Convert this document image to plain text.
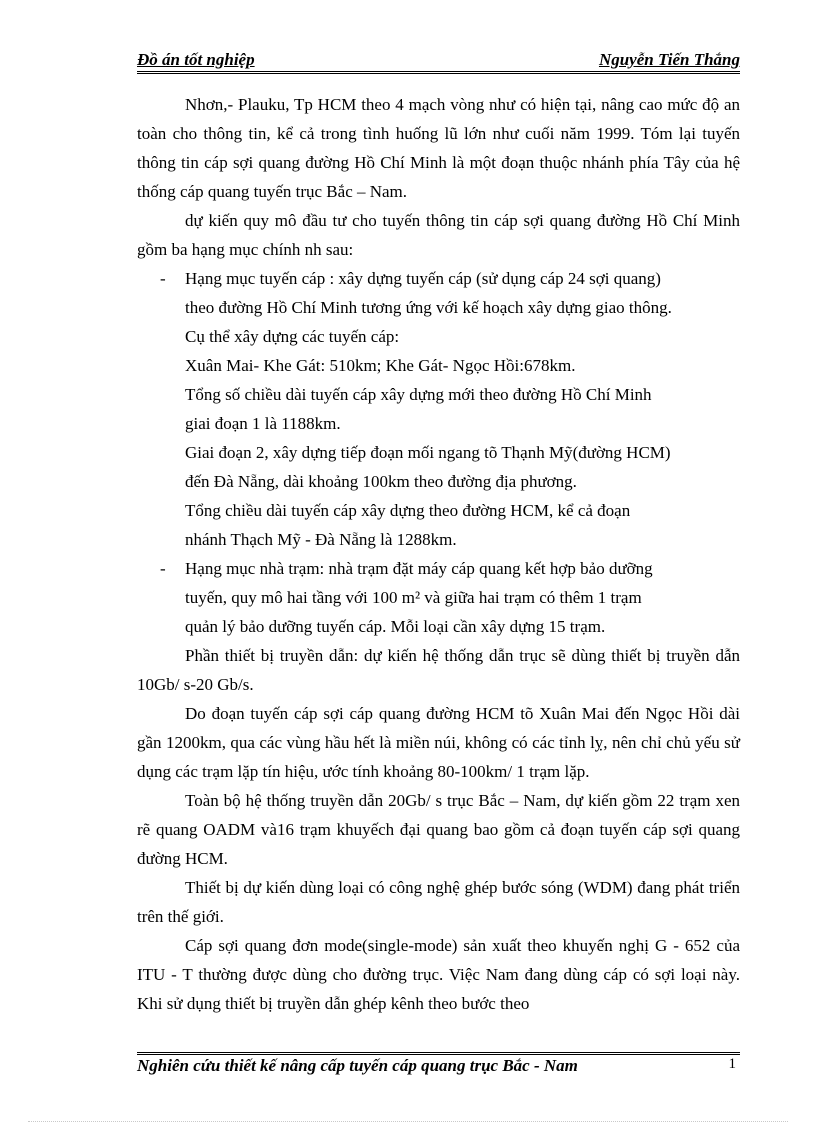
Đồ án tốt nghiệp	Nguyễn Tiến Thắng

Nhơn,- Plauku, Tp HCM theo 4 mạch vòng như có hiện tại, nâng cao mức độ an toàn cho thông tin, kể cả trong tình huống lũ lớn như cuối năm 1999. Tóm lại tuyến thông tin cáp sợi quang đường Hồ Chí Minh là một đoạn thuộc nhánh phía Tây của hệ thống cáp quang tuyến trục Bắc – Nam.

dự kiến quy mô đầu tư cho tuyến thông tin cáp sợi quang đường Hồ Chí Minh gồm ba hạng mục chính nh sau:

- Hạng mục tuyến cáp : xây dựng tuyến cáp (sử dụng cáp 24 sợi quang)
theo đường Hồ Chí Minh tương ứng với kế hoạch xây dựng giao thông.
Cụ thể xây dựng các tuyến cáp:
Xuân Mai- Khe Gát: 510km; Khe Gát- Ngọc Hồi:678km.
Tổng số chiều dài tuyến cáp xây dựng mới theo đường Hồ Chí Minh
giai đoạn 1 là 1188km.
Giai đoạn 2, xây dựng tiếp đoạn mối ngang tõ Thạnh Mỹ(đường HCM)
đến Đà Nẵng, dài khoảng 100km theo đường địa phương.
Tổng chiều dài tuyến cáp xây dựng theo đường HCM, kể cả đoạn
nhánh Thạch Mỹ - Đà Nẵng là 1288km.
- Hạng mục nhà trạm: nhà trạm đặt máy cáp quang kết hợp bảo dưỡng
tuyến, quy mô hai tầng với 100 m² và giữa hai trạm có thêm 1 trạm
quản lý bảo dưỡng tuyến cáp. Mỗi loại cần xây dựng 15 trạm.

Phần thiết bị truyền dẫn: dự kiến hệ thống dẫn trục sẽ dùng thiết bị truyền dẫn 10Gb/ s-20 Gb/s.

Do đoạn tuyến cáp sợi cáp quang đường HCM tõ Xuân Mai đến Ngọc Hồi dài gần 1200km, qua các vùng hầu hết là miền núi, không có các tỉnh lỵ, nên chỉ chủ yếu sử dụng các trạm lặp tín hiệu, ước tính khoảng 80-100km/ 1 trạm lặp.

Toàn bộ hệ thống truyền dẫn 20Gb/ s trục Bắc – Nam, dự kiến gồm 22 trạm xen rẽ quang OADM và16 trạm khuyếch đại quang bao gồm cả đoạn tuyến cáp sợi quang đường HCM.

Thiết bị dự kiến dùng loại có công nghệ ghép bước sóng (WDM) đang phát triển trên thế giới.

Cáp sợi quang đơn mode(single-mode) sản xuất theo khuyến nghị G - 652 của ITU - T thường được dùng cho đường trục. Việc Nam đang dùng cáp có sợi loại này. Khi sử dụng thiết bị truyền dẫn ghép kênh theo bước theo

Nghiên cứu thiết kế nâng cấp tuyến cáp quang trục Bắc - Nam	1
